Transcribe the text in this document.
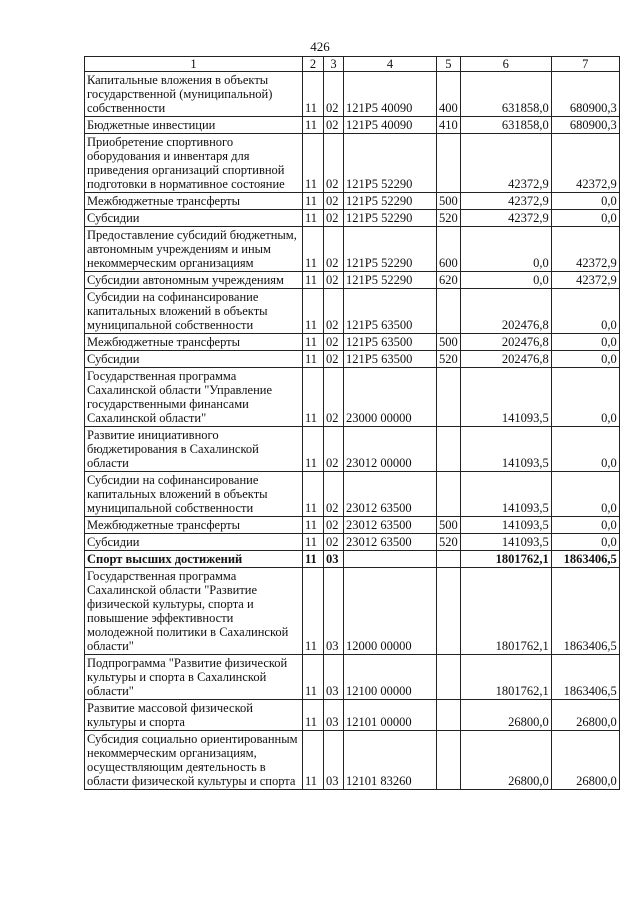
426
1	2	3	4	5	6	7
Капитальные вложения в объекты государственной (муниципальной) собственности	11	02	121P5 40090	400	631858,0	680900,3
Бюджетные инвестиции	11	02	121P5 40090	410	631858,0	680900,3
Приобретение спортивного оборудования и инвентаря для приведения организаций спортивной подготовки в нормативное состояние	11	02	121P5 52290		42372,9	42372,9
Межбюджетные трансферты	11	02	121P5 52290	500	42372,9	0,0
Субсидии	11	02	121P5 52290	520	42372,9	0,0
Предоставление субсидий бюджетным, автономным учреждениям и иным некоммерческим организациям	11	02	121P5 52290	600	0,0	42372,9
Субсидии автономным учреждениям	11	02	121P5 52290	620	0,0	42372,9
Субсидии на софинансирование капитальных вложений в объекты муниципальной собственности	11	02	121P5 63500		202476,8	0,0
Межбюджетные трансферты	11	02	121P5 63500	500	202476,8	0,0
Субсидии	11	02	121P5 63500	520	202476,8	0,0
Государственная программа Сахалинской области "Управление государственными финансами Сахалинской области"	11	02	23000 00000		141093,5	0,0
Развитие инициативного бюджетирования в Сахалинской области	11	02	23012 00000		141093,5	0,0
Субсидии на софинансирование капитальных вложений в объекты муниципальной собственности	11	02	23012 63500		141093,5	0,0
Межбюджетные трансферты	11	02	23012 63500	500	141093,5	0,0
Субсидии	11	02	23012 63500	520	141093,5	0,0
Спорт высших достижений	11	03			1801762,1	1863406,5
Государственная программа Сахалинской области "Развитие физической культуры, спорта и повышение эффективности молодежной политики в Сахалинской области"	11	03	12000 00000		1801762,1	1863406,5
Подпрограмма "Развитие физической культуры и спорта в Сахалинской области"	11	03	12100 00000		1801762,1	1863406,5
Развитие массовой физической культуры и спорта	11	03	12101 00000		26800,0	26800,0
Субсидия социально ориентированным некоммерческим организациям, осуществляющим деятельность в области физической культуры и спорта	11	03	12101 83260		26800,0	26800,0
